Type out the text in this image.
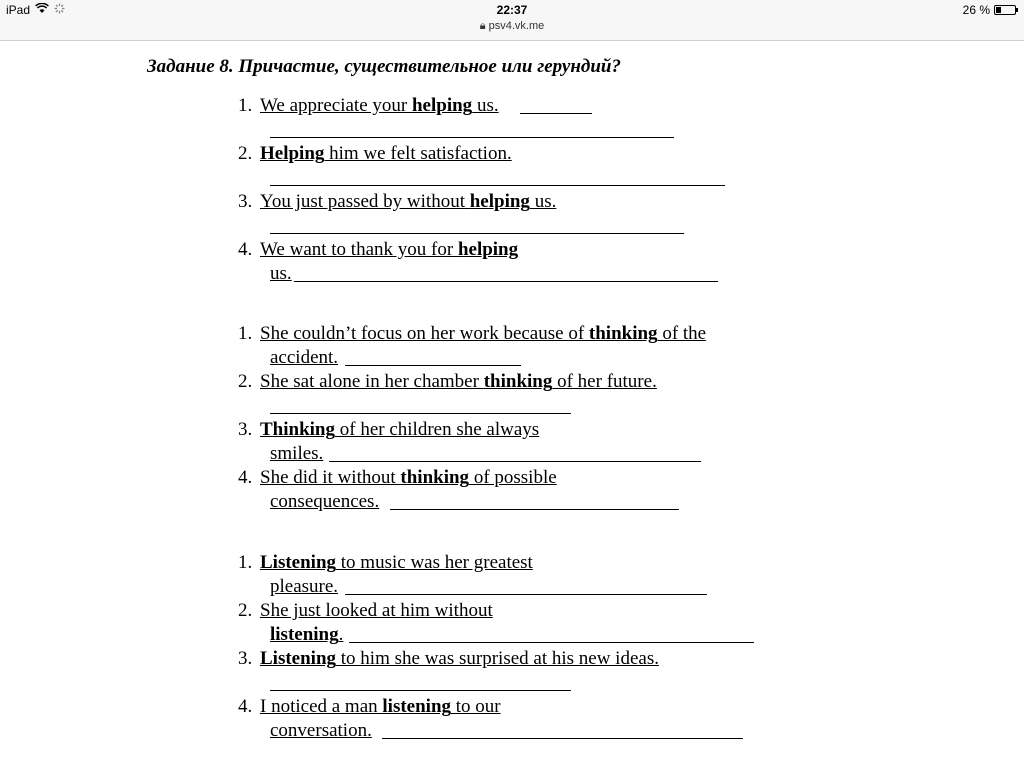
iPad	22:37
🔒︎ psv4.vk.me
26 %
Задание 8. Причастие, существительное или герундий?
1. We appreciate your helping us.
2. Helping him we felt satisfaction.
3. You just passed by without helping us.
4. We want to thank you for helping
us.
1. She couldn’t focus on her work because of thinking of the
accident.
2. She sat alone in her chamber thinking of her future.
3. Thinking of her children she always
smiles.
4. She did it without thinking of possible
consequences.
1. Listening to music was her greatest
pleasure.
2. She just looked at him without
listening.
3. Listening to him she was surprised at his new ideas.
4. I noticed a man listening to our
conversation.
